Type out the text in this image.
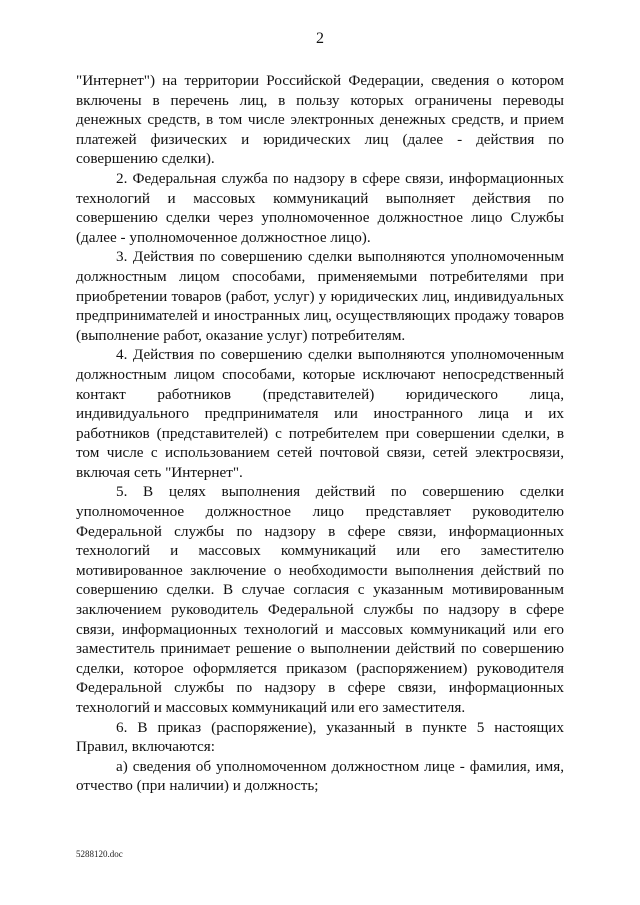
2

"Интернет") на территории Российской Федерации, сведения о котором включены в перечень лиц, в пользу которых ограничены переводы денежных средств, в том числе электронных денежных средств, и прием платежей физических и юридических лиц (далее - действия по совершению сделки).

2. Федеральная служба по надзору в сфере связи, информационных технологий и массовых коммуникаций выполняет действия по совершению сделки через уполномоченное должностное лицо Службы (далее - уполномоченное должностное лицо).

3. Действия по совершению сделки выполняются уполномоченным должностным лицом способами, применяемыми потребителями при приобретении товаров (работ, услуг) у юридических лиц, индивидуальных предпринимателей и иностранных лиц, осуществляющих продажу товаров (выполнение работ, оказание услуг) потребителям.

4. Действия по совершению сделки выполняются уполномоченным должностным лицом способами, которые исключают непосредственный контакт работников (представителей) юридического лица, индивидуального предпринимателя или иностранного лица и их работников (представителей) с потребителем при совершении сделки, в том числе с использованием сетей почтовой связи, сетей электросвязи, включая сеть "Интернет".

5. В целях выполнения действий по совершению сделки уполномоченное должностное лицо представляет руководителю Федеральной службы по надзору в сфере связи, информационных технологий и массовых коммуникаций или его заместителю мотивированное заключение о необходимости выполнения действий по совершению сделки. В случае согласия с указанным мотивированным заключением руководитель Федеральной службы по надзору в сфере связи, информационных технологий и массовых коммуникаций или его заместитель принимает решение о выполнении действий по совершению сделки, которое оформляется приказом (распоряжением) руководителя Федеральной службы по надзору в сфере связи, информационных технологий и массовых коммуникаций или его заместителя.

6. В приказ (распоряжение), указанный в пункте 5 настоящих Правил, включаются:

а) сведения об уполномоченном должностном лице - фамилия, имя, отчество (при наличии) и должность;

5288120.doc
